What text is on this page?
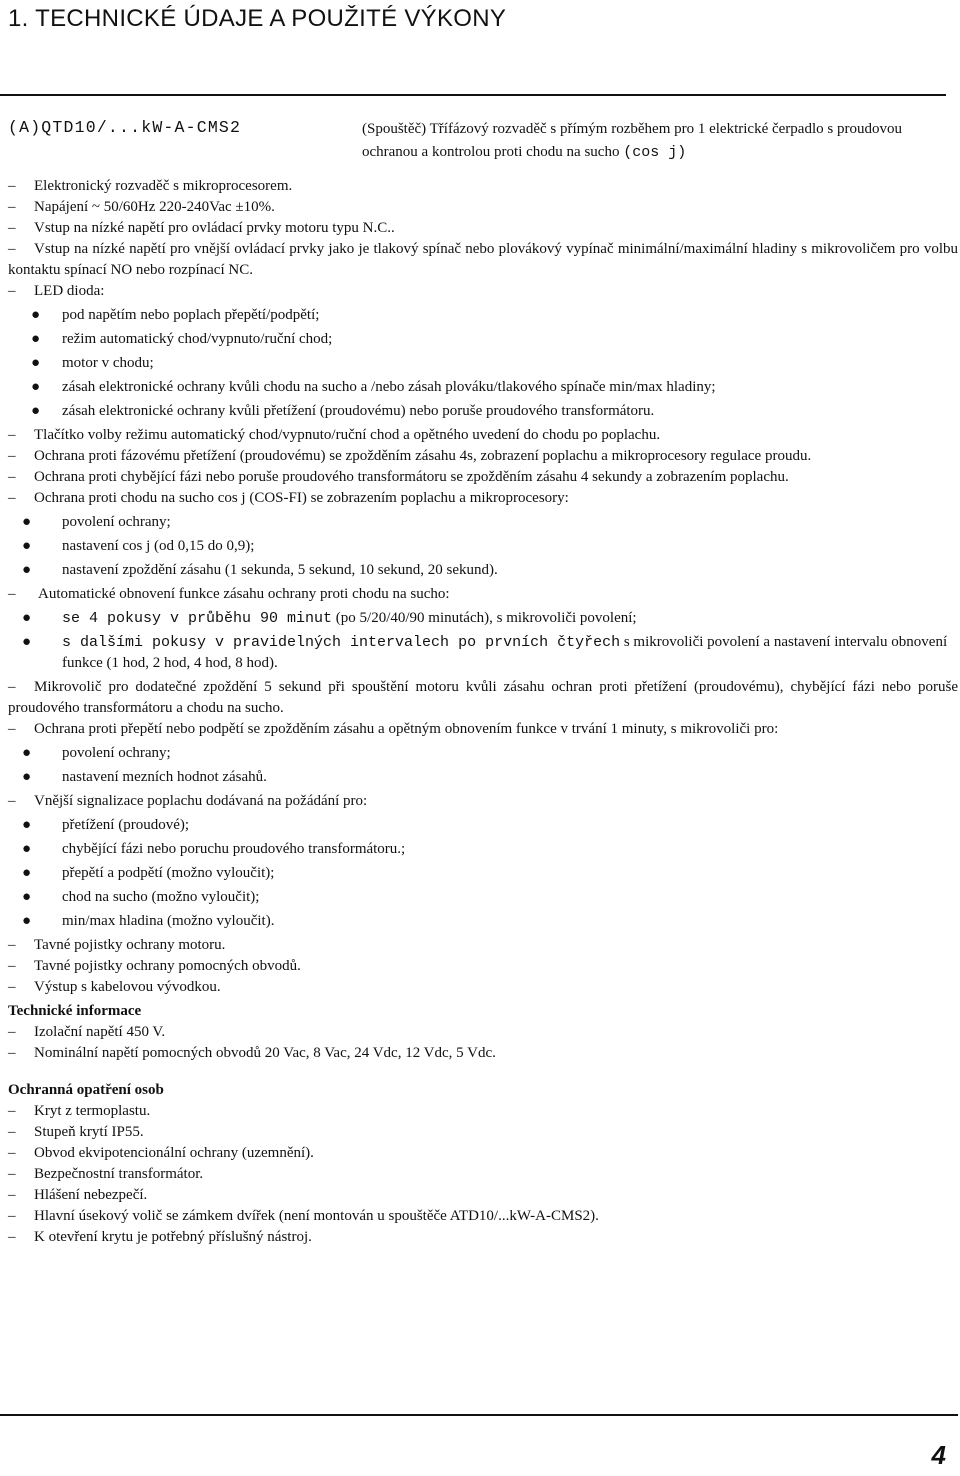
1. TECHNICKÉ ÚDAJE A POUŽITÉ VÝKONY
(A)QTD10/...kW-A-CMS2	(Spouštěč) Třífázový rozvaděč s přímým rozběhem pro 1 elektrické čerpadlo s proudovou ochranou a kontrolou proti chodu na sucho (cos j)

– Elektronický rozvaděč s mikroprocesorem.

– Napájení ~ 50/60Hz 220-240Vac ±10%.

– Vstup na nízké napětí pro ovládací prvky motoru typu N.C..

–	Vstup na nízké napětí pro vnější ovládací prvky jako je tlakový spínač nebo plovákový vypínač minimální/maximální hladiny s mikrovoličem pro volbu kontaktu spínací NO nebo rozpínací NC.

– LED dioda:

● pod napětím nebo poplach přepětí/podpětí;

● režim automatický chod/vypnuto/ruční chod;

● motor v chodu;

● zásah elektronické ochrany kvůli chodu na sucho a /nebo zásah plováku/tlakového spínače min/max hladiny;

● zásah elektronické ochrany kvůli přetížení (proudovému) nebo poruše proudového transformátoru.

– Tlačítko volby režimu automatický chod/vypnuto/ruční chod a opětného uvedení do chodu po poplachu.

– Ochrana proti fázovému přetížení (proudovému) se zpožděním zásahu 4s, zobrazení poplachu a mikroprocesory regulace proudu.

– Ochrana proti chybějící fázi nebo poruše proudového transformátoru se zpožděním zásahu 4 sekundy a zobrazením poplachu.

– Ochrana proti chodu na sucho cos j (COS-FI) se zobrazením poplachu a mikroprocesory:

● povolení ochrany;

● nastavení cos j (od 0,15 do 0,9);

● nastavení zpoždění zásahu (1 sekunda, 5 sekund, 10 sekund, 20 sekund).

– Automatické obnovení funkce zásahu ochrany proti chodu na sucho:

● se 4 pokusy v průběhu 90 minut (po 5/20/40/90 minutách), s mikrovoliči povolení;

● s dalšími pokusy v pravidelných intervalech po prvních čtyřech s mikrovoliči povolení a nastavení intervalu obnovení funkce (1 hod, 2 hod, 4 hod, 8 hod).

–	Mikrovolič pro dodatečné zpoždění 5 sekund při spouštění motoru kvůli zásahu ochran proti přetížení (proudovému), chybějící fázi nebo poruše proudového transformátoru a chodu na sucho.

– Ochrana proti přepětí nebo podpětí se zpožděním zásahu a opětným obnovením funkce v trvání 1 minuty, s mikrovoliči pro:

● povolení ochrany;

● nastavení mezních hodnot zásahů.

– Vnější signalizace poplachu dodávaná na požádání pro:

● přetížení (proudové);

● chybějící fázi nebo poruchu proudového transformátoru.;

● přepětí a podpětí (možno vyloučit);

● chod na sucho (možno vyloučit);

● min/max hladina (možno vyloučit).

– Tavné pojistky ochrany motoru.

– Tavné pojistky ochrany pomocných obvodů.

– Výstup s kabelovou vývodkou.

Technické informace

– Izolační napětí 450 V.

– Nominální napětí pomocných obvodů 20 Vac, 8 Vac, 24 Vdc, 12 Vdc, 5 Vdc.

Ochranná opatření osob

– Kryt z termoplastu.

– Stupeň krytí IP55.

– Obvod ekvipotencionální ochrany (uzemnění).

– Bezpečnostní transformátor.

– Hlášení nebezpečí.

– Hlavní úsekový volič se zámkem dvířek (není montován u spouštěče ATD10/...kW-A-CMS2).

– K otevření krytu je potřebný příslušný nástroj.

4
